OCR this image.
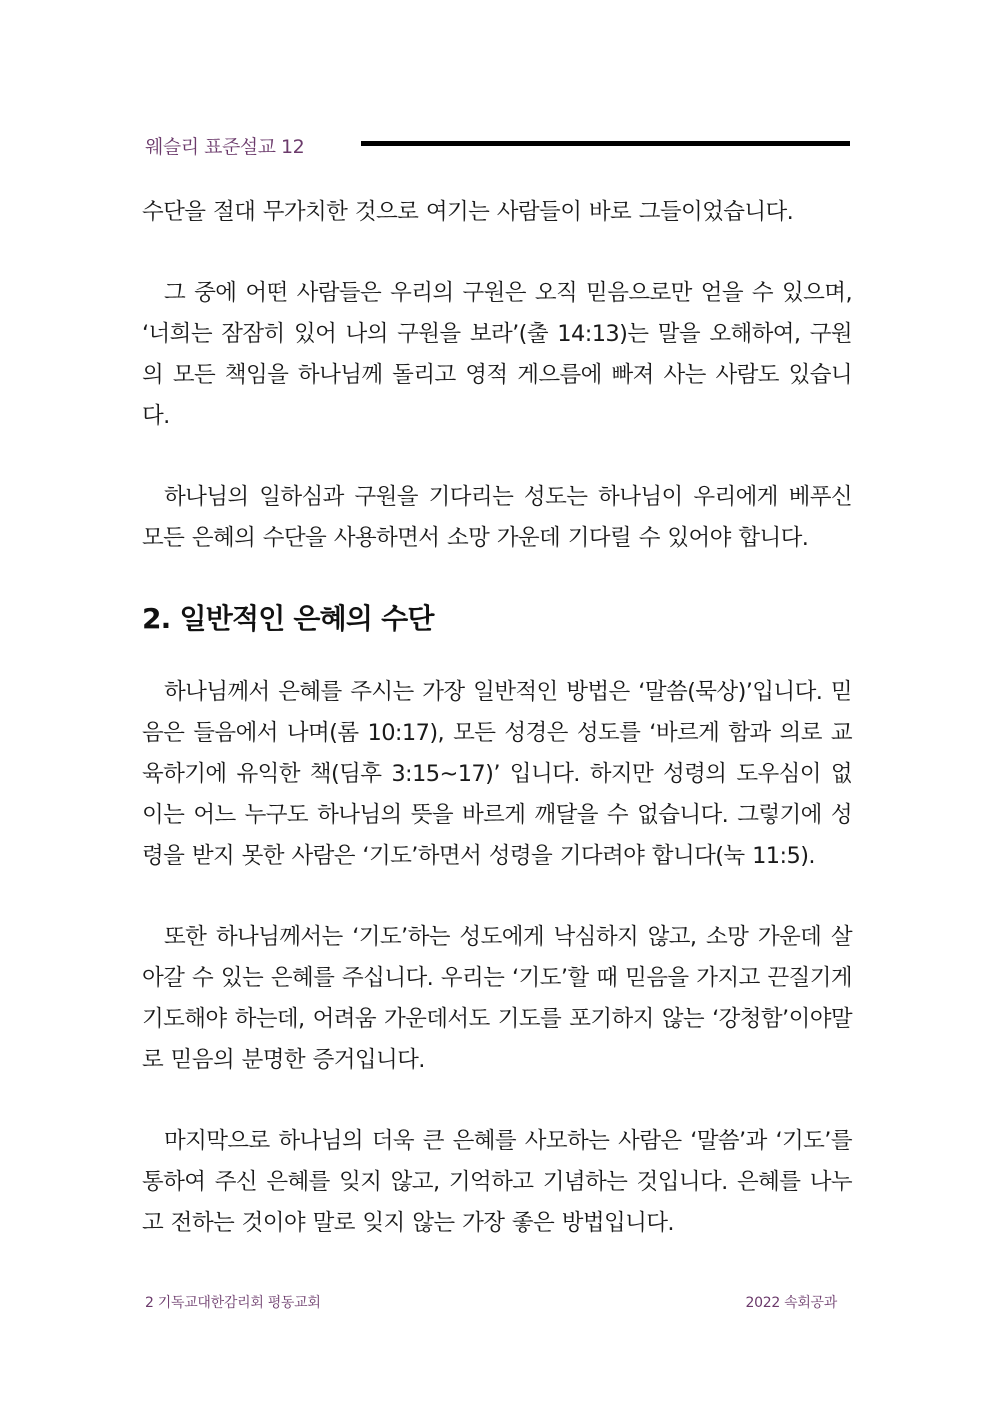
웨슬리 표준설교 12

수단을 절대 무가치한 것으로 여기는 사람들이 바로 그들이었습니다.

그 중에 어떤 사람들은 우리의 구원은 오직 믿음으로만 얻을 수 있으며, ‘너희는 잠잠히 있어 나의 구원을 보라’(출 14:13)는 말을 오해하여, 구원의 모든 책임을 하나님께 돌리고 영적 게으름에 빠져 사는 사람도 있습니다.

하나님의 일하심과 구원을 기다리는 성도는 하나님이 우리에게 베푸신 모든 은혜의 수단을 사용하면서 소망 가운데 기다릴 수 있어야 합니다.

2. 일반적인 은혜의 수단

하나님께서 은혜를 주시는 가장 일반적인 방법은 ‘말씀(묵상)’입니다. 믿음은 들음에서 나며(롬 10:17), 모든 성경은 성도를 ‘바르게 함과 의로 교육하기에 유익한 책(딤후 3:15~17)’ 입니다. 하지만 성령의 도우심이 없이는 어느 누구도 하나님의 뜻을 바르게 깨달을 수 없습니다. 그렇기에 성령을 받지 못한 사람은 ‘기도’하면서 성령을 기다려야 합니다(눅 11:5).

또한 하나님께서는 ‘기도’하는 성도에게 낙심하지 않고, 소망 가운데 살아갈 수 있는 은혜를 주십니다. 우리는 ‘기도’할 때 믿음을 가지고 끈질기게 기도해야 하는데, 어려움 가운데서도 기도를 포기하지 않는 ‘강청함’이야말로 믿음의 분명한 증거입니다.

마지막으로 하나님의 더욱 큰 은혜를 사모하는 사람은 ‘말씀’과 ‘기도’를 통하여 주신 은혜를 잊지 않고, 기억하고 기념하는 것입니다. 은혜를 나누고 전하는 것이야 말로 잊지 않는 가장 좋은 방법입니다.

2 기독교대한감리회 평동교회	2022 속회공과
